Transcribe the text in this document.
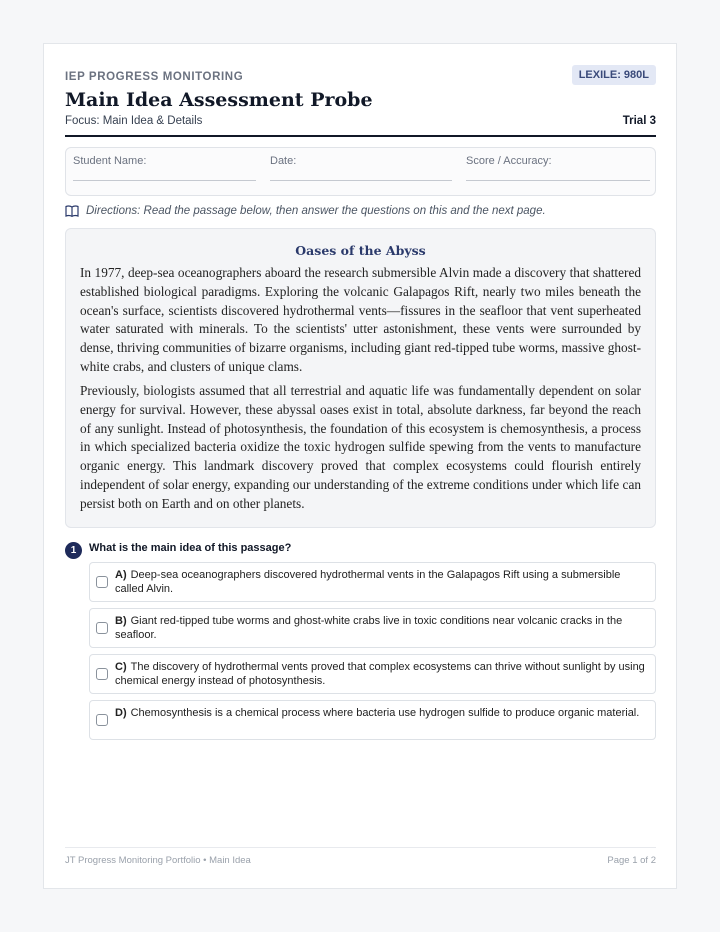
IEP PROGRESS MONITORING	LEXILE: 980L
Main Idea Assessment Probe
Focus: Main Idea & Details	Trial 3
Student Name:	Date:	Score / Accuracy:
Directions: Read the passage below, then answer the questions on this and the next page.
Oases of the Abyss

In 1977, deep-sea oceanographers aboard the research submersible Alvin made a discovery that shattered established biological paradigms. Exploring the volcanic Galapagos Rift, nearly two miles beneath the ocean's surface, scientists discovered hydrothermal vents—fissures in the seafloor that vent superheated water saturated with minerals. To the scientists' utter astonishment, these vents were surrounded by dense, thriving communities of bizarre organisms, including giant red-tipped tube worms, massive ghost-white crabs, and clusters of unique clams.

Previously, biologists assumed that all terrestrial and aquatic life was fundamentally dependent on solar energy for survival. However, these abyssal oases exist in total, absolute darkness, far beyond the reach of any sunlight. Instead of photosynthesis, the foundation of this ecosystem is chemosynthesis, a process in which specialized bacteria oxidize the toxic hydrogen sulfide spewing from the vents to manufacture organic energy. This landmark discovery proved that complex ecosystems could flourish entirely independent of solar energy, expanding our understanding of the extreme conditions under which life can persist both on Earth and on other planets.

1	What is the main idea of this passage?
A) Deep-sea oceanographers discovered hydrothermal vents in the Galapagos Rift using a submersible called Alvin.
B) Giant red-tipped tube worms and ghost-white crabs live in toxic conditions near volcanic cracks in the seafloor.
C) The discovery of hydrothermal vents proved that complex ecosystems can thrive without sunlight by using chemical energy instead of photosynthesis.
D) Chemosynthesis is a chemical process where bacteria use hydrogen sulfide to produce organic material.
JT Progress Monitoring Portfolio • Main Idea	Page 1 of 2
